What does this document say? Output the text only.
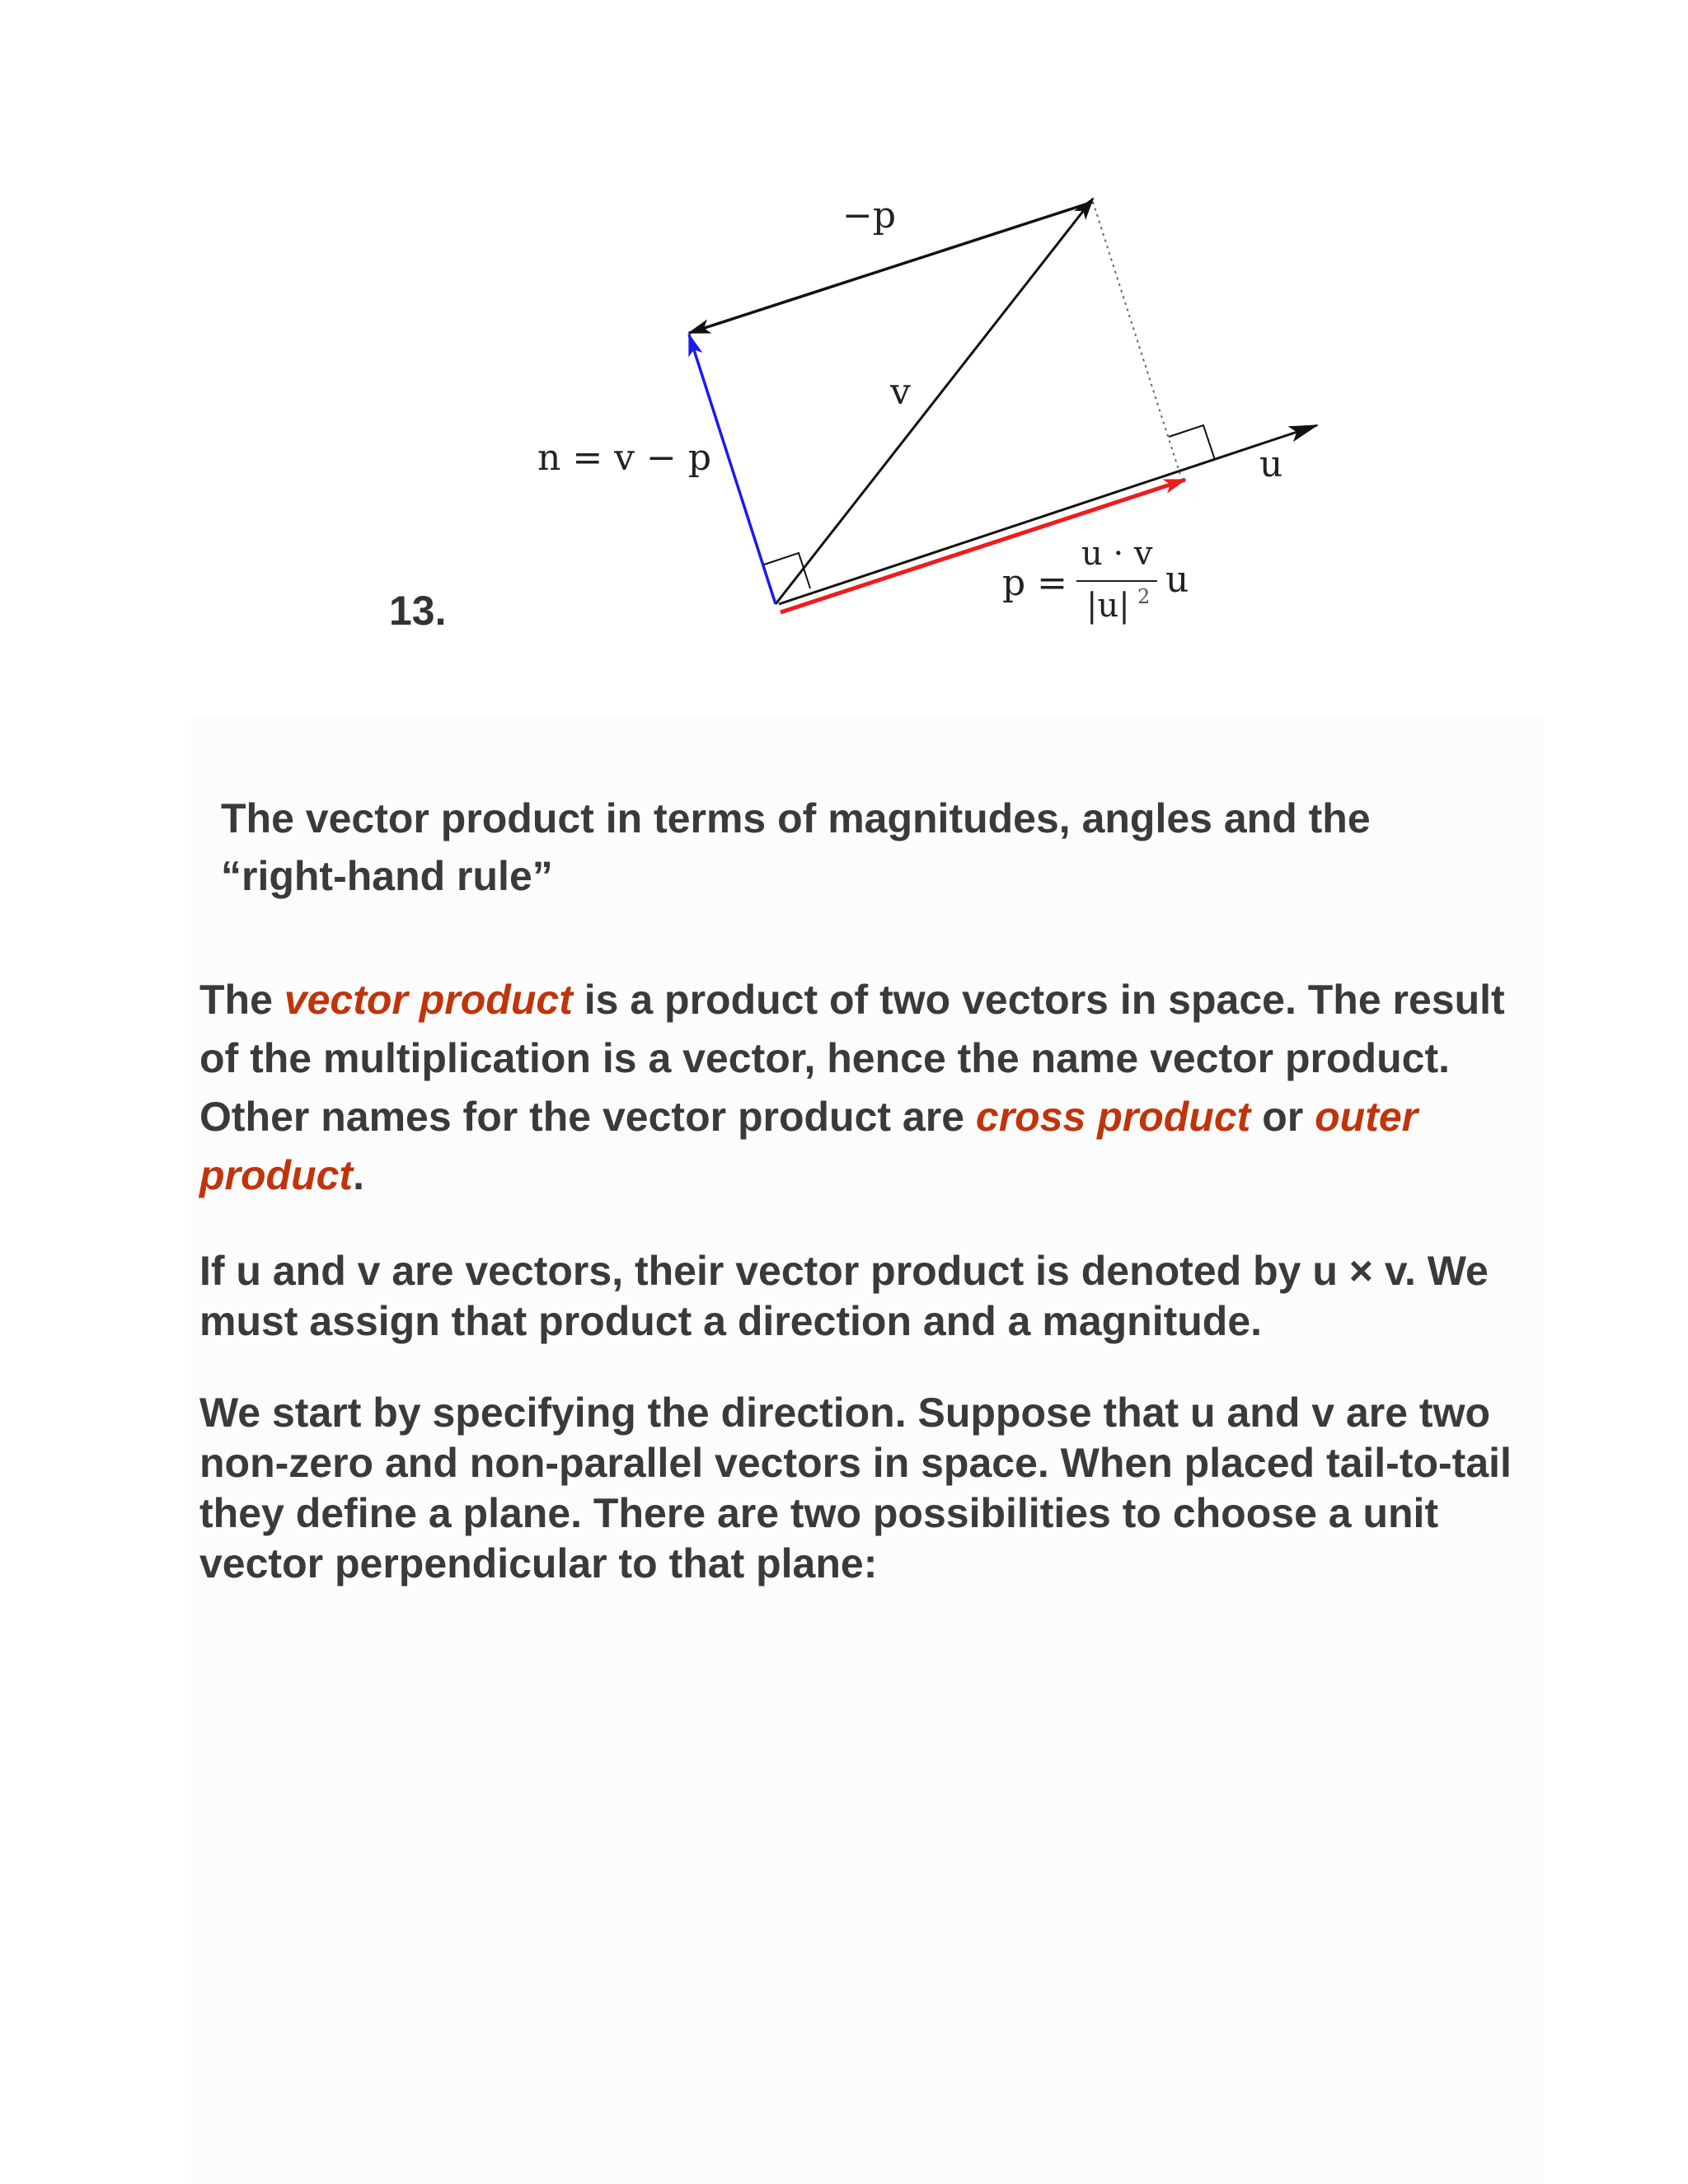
−p
v
n = v − p	u
p =
u · v
|u| 2 u
13.
The vector product in terms of magnitudes, angles and the
“right-hand rule”
The vector product is a product of two vectors in space. The result of the multiplication is a vector, hence the name vector product. Other names for the vector product are cross product or outer product.
If u and v are vectors, their vector product is denoted by u × v. We must assign that product a direction and a magnitude.
We start by specifying the direction. Suppose that u and v are two non-zero and non-parallel vectors in space. When placed tail-to-tail they define a plane. There are two possibilities to choose a unit vector perpendicular to that plane:
